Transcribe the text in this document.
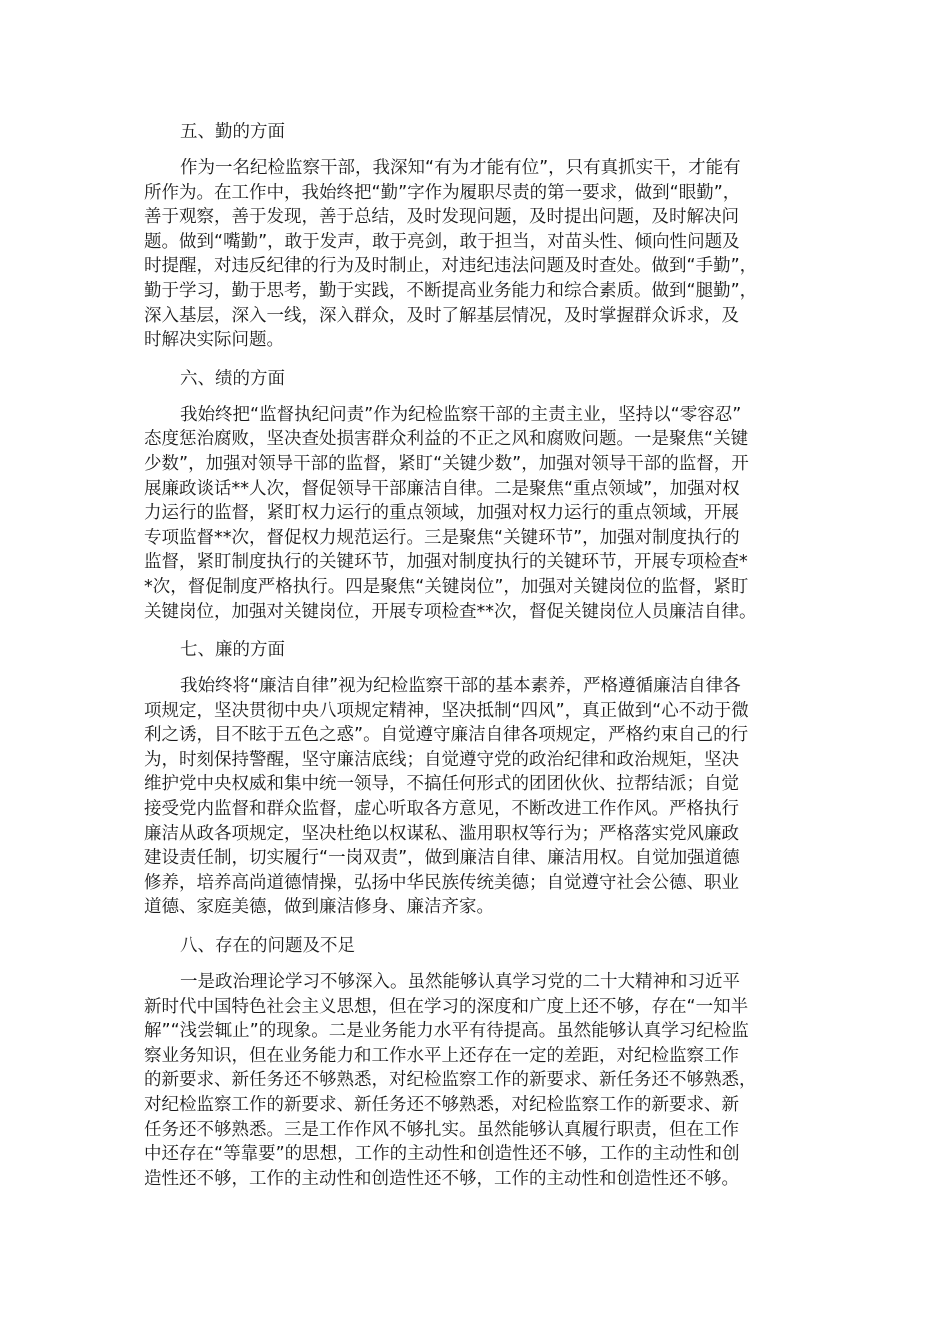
五、勤的方面
作为一名纪检监察干部，我深知“有为才能有位”，只有真抓实干，才能有
所作为。在工作中，我始终把“勤”字作为履职尽责的第一要求，做到“眼勤”，
善于观察，善于发现，善于总结，及时发现问题，及时提出问题，及时解决问
题。做到“嘴勤”，敢于发声，敢于亮剑，敢于担当，对苗头性、倾向性问题及
时提醒，对违反纪律的行为及时制止，对违纪违法问题及时查处。做到“手勤”，
勤于学习，勤于思考，勤于实践，不断提高业务能力和综合素质。做到“腿勤”，
深入基层，深入一线，深入群众，及时了解基层情况，及时掌握群众诉求，及
时解决实际问题。
六、绩的方面
我始终把“监督执纪问责”作为纪检监察干部的主责主业，坚持以“零容忍”
态度惩治腐败，坚决查处损害群众利益的不正之风和腐败问题。一是聚焦“关键
少数”，加强对领导干部的监督，紧盯“关键少数”，加强对领导干部的监督，开
展廉政谈话**人次，督促领导干部廉洁自律。二是聚焦“重点领域”，加强对权
力运行的监督，紧盯权力运行的重点领域，加强对权力运行的重点领域，开展
专项监督**次，督促权力规范运行。三是聚焦“关键环节”，加强对制度执行的
监督，紧盯制度执行的关键环节，加强对制度执行的关键环节，开展专项检查*
*次，督促制度严格执行。四是聚焦“关键岗位”，加强对关键岗位的监督，紧盯
关键岗位，加强对关键岗位，开展专项检查**次，督促关键岗位人员廉洁自律。
七、廉的方面
我始终将“廉洁自律”视为纪检监察干部的基本素养，严格遵循廉洁自律各
项规定，坚决贯彻中央八项规定精神，坚决抵制“四风”，真正做到“心不动于微
利之诱，目不眩于五色之惑”。自觉遵守廉洁自律各项规定，严格约束自己的行
为，时刻保持警醒，坚守廉洁底线；自觉遵守党的政治纪律和政治规矩，坚决
维护党中央权威和集中统一领导，不搞任何形式的团团伙伙、拉帮结派；自觉
接受党内监督和群众监督，虚心听取各方意见，不断改进工作作风。严格执行
廉洁从政各项规定，坚决杜绝以权谋私、滥用职权等行为；严格落实党风廉政
建设责任制，切实履行“一岗双责”，做到廉洁自律、廉洁用权。自觉加强道德
修养，培养高尚道德情操，弘扬中华民族传统美德；自觉遵守社会公德、职业
道德、家庭美德，做到廉洁修身、廉洁齐家。
八、存在的问题及不足
一是政治理论学习不够深入。虽然能够认真学习党的二十大精神和习近平
新时代中国特色社会主义思想，但在学习的深度和广度上还不够，存在“一知半
解”“浅尝辄止”的现象。二是业务能力水平有待提高。虽然能够认真学习纪检监
察业务知识，但在业务能力和工作水平上还存在一定的差距，对纪检监察工作
的新要求、新任务还不够熟悉，对纪检监察工作的新要求、新任务还不够熟悉，
对纪检监察工作的新要求、新任务还不够熟悉，对纪检监察工作的新要求、新
任务还不够熟悉。三是工作作风不够扎实。虽然能够认真履行职责，但在工作
中还存在“等靠要”的思想，工作的主动性和创造性还不够，工作的主动性和创
造性还不够，工作的主动性和创造性还不够，工作的主动性和创造性还不够。
